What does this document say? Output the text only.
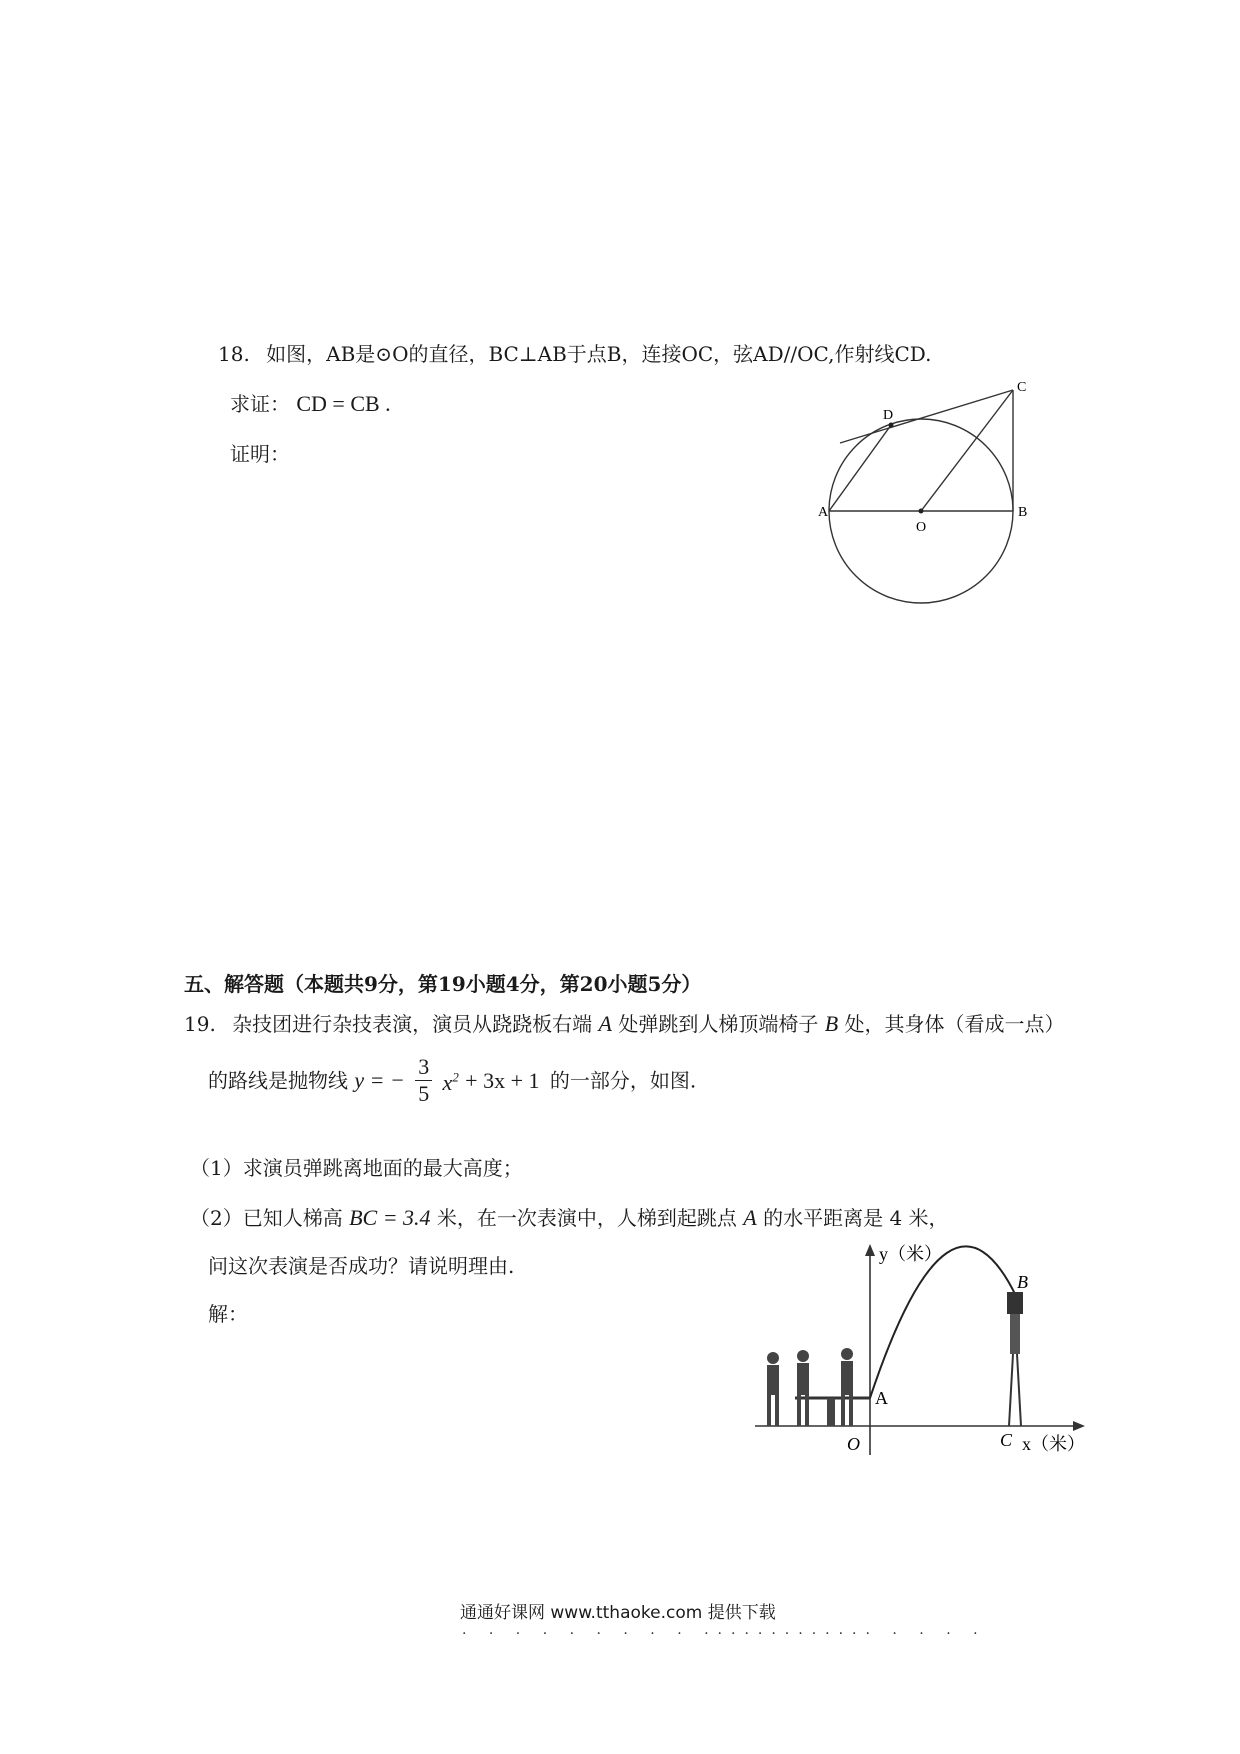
18. 如图，AB是⊙O的直径，BC⊥AB于点B，连接OC，弦AD//OC,作射线CD.
求证： CD = CB .
证明：
D
C
A	B
O
五、解答题（本题共9分，第19小题4分，第20小题5分）
19. 杂技团进行杂技表演，演员从跷跷板右端 A 处弹跳到人梯顶端椅子 B 处，其身体（看成一点）
的路线是抛物线 y = − $\frac{3}{5} x^2 + 3x + 1$ 的一部分，如图.
（1）求演员弹跳离地面的最大高度；
（2）已知人梯高 BC = 3.4 米，在一次表演中，人梯到起跳点 A 的水平距离是 4 米，
问这次表演是否成功？请说明理由.
解：
y（米）
B
A
O	C x（米）
通通好课网 www.tthaoke.com 提供下载
. . . . . . . . . ............. . . . .
